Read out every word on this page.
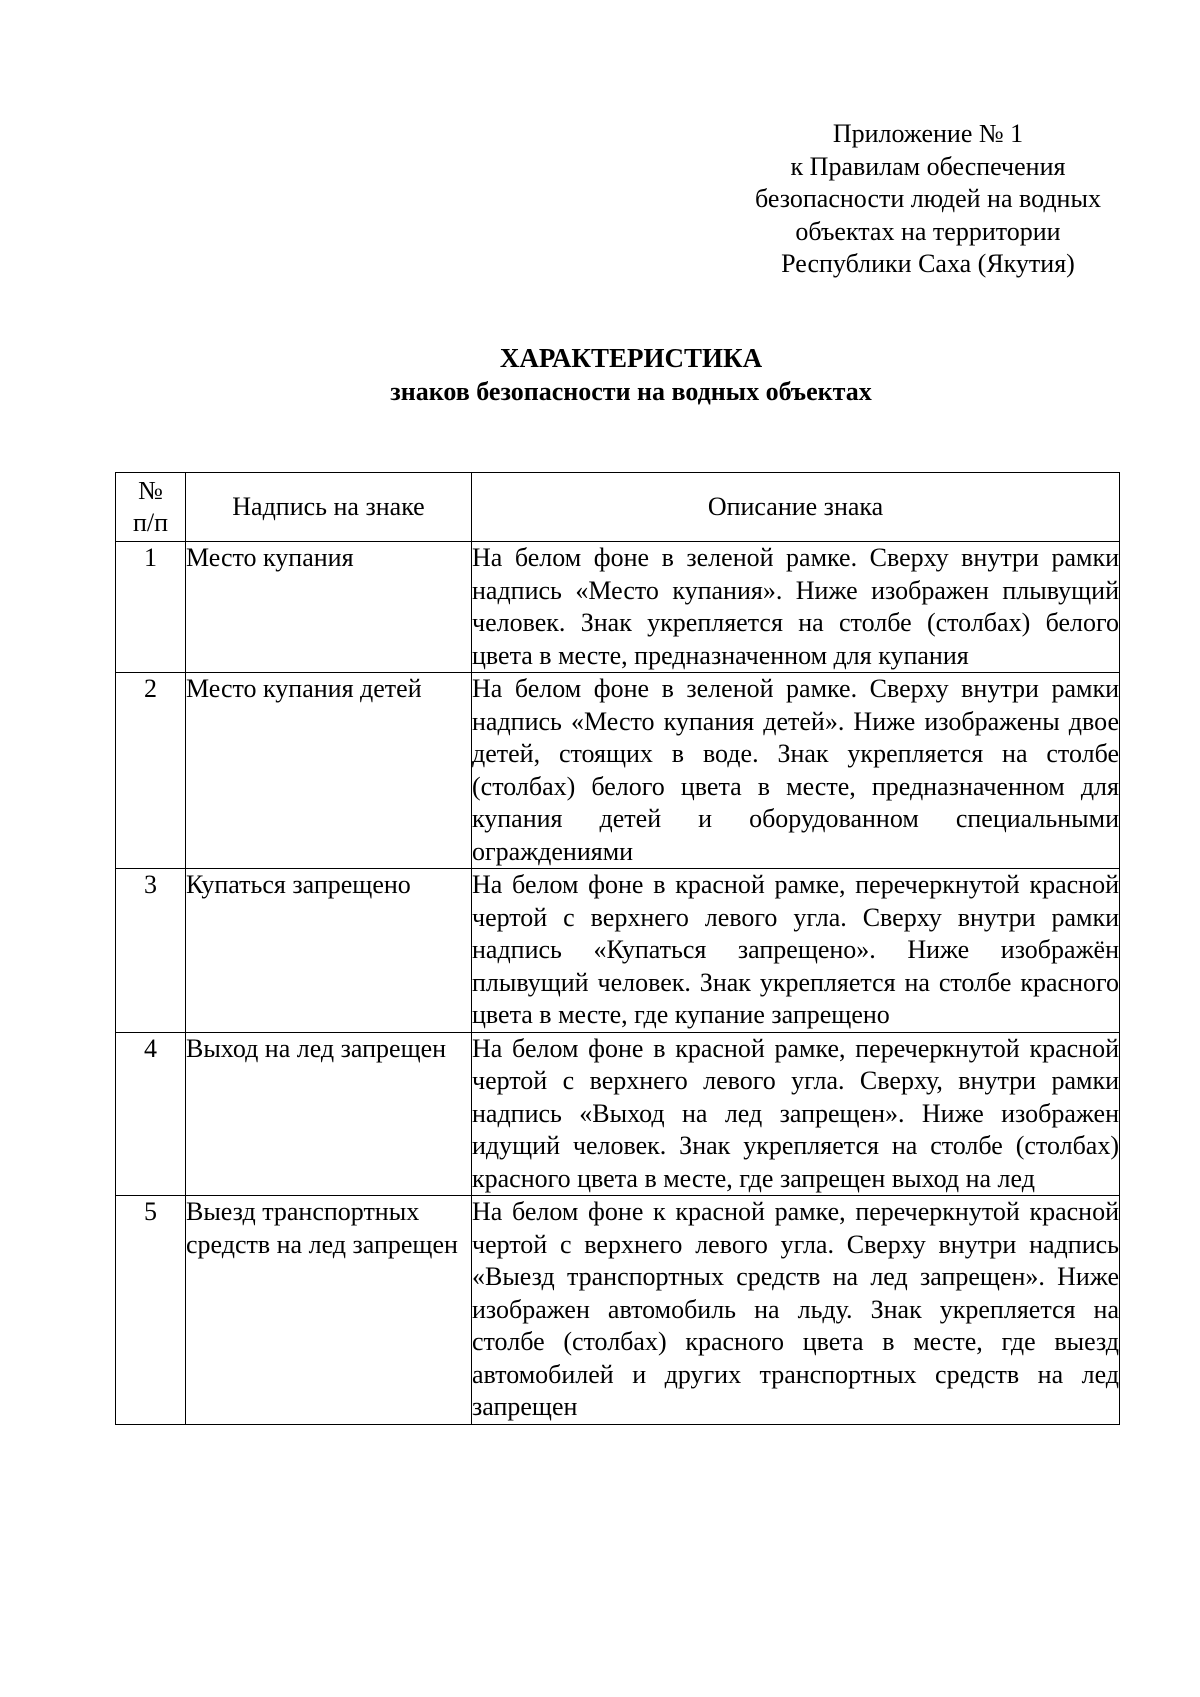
Приложение № 1
к Правилам обеспечения
безопасности людей на водных
объектах на территории
Республики Саха (Якутия)
ХАРАКТЕРИСТИКА
знаков безопасности на водных объектах
№
п/п	Надпись на знаке	Описание знака
1	Место купания	На белом фоне в зеленой рамке. Сверху внутри рамки надпись «Место купания». Ниже изображен плывущий человек. Знак укрепляется на столбе (столбах) белого цвета в месте, предназначенном для купания
2	Место купания детей	На белом фоне в зеленой рамке. Сверху внутри рамки надпись «Место купания детей». Ниже изображены двое детей, стоящих в воде. Знак укрепляется на столбе (столбах) белого цвета в месте, предназначенном для купания детей и оборудованном специальными ограждениями
3	Купаться запрещено	На белом фоне в красной рамке, перечеркнутой красной чертой с верхнего левого угла. Сверху внутри рамки надпись «Купаться запрещено». Ниже изображён плывущий человек. Знак укрепляется на столбе красного цвета в месте, где купание запрещено
4	Выход на лед запрещен	На белом фоне в красной рамке, перечеркнутой красной чертой с верхнего левого угла. Сверху, внутри рамки надпись «Выход на лед запрещен». Ниже изображен идущий человек. Знак укрепляется на столбе (столбах) красного цвета в месте, где запрещен выход на лед
5	Выезд транспортных средств на лед запрещен	На белом фоне к красной рамке, перечеркнутой красной чертой с верхнего левого угла. Сверху внутри надпись «Выезд транспортных средств на лед запрещен». Ниже изображен автомобиль на льду. Знак укрепляется на столбе (столбах) красного цвета в месте, где выезд автомобилей и других транспортных средств на лед запрещен
